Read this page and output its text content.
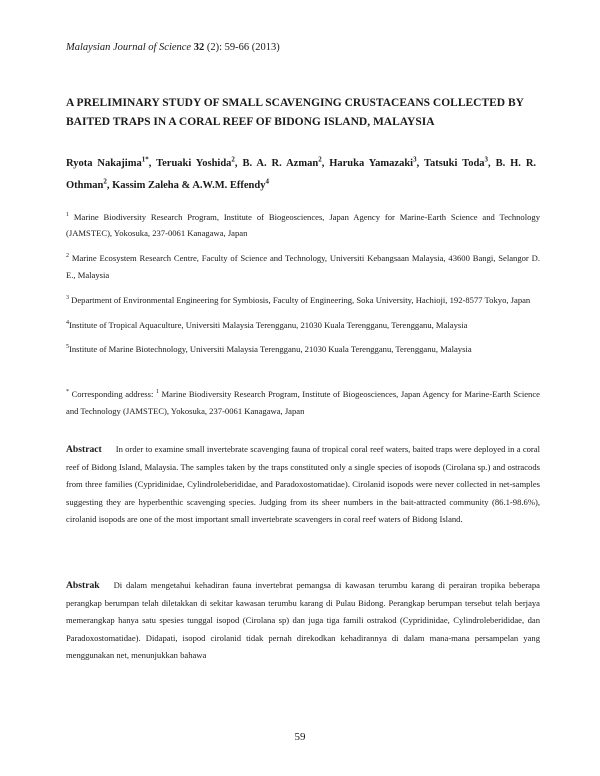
Malaysian Journal of Science 32 (2): 59-66 (2013)
A PRELIMINARY STUDY OF SMALL SCAVENGING CRUSTACEANS COLLECTED BY BAITED TRAPS IN A CORAL REEF OF BIDONG ISLAND, MALAYSIA
Ryota Nakajima$^{1*}$, Teruaki Yoshida$^2$, B. A. R. Azman$^2$, Haruka Yamazaki$^3$, Tatsuki Toda$^3$, B. H. R. Othman$^2$, Kassim Zaleha & A.W.M. Effendy$^4$

$^1$ Marine Biodiversity Research Program, Institute of Biogeosciences, Japan Agency for Marine-Earth Science and Technology (JAMSTEC), Yokosuka, 237-0061 Kanagawa, Japan

$^2$ Marine Ecosystem Research Centre, Faculty of Science and Technology, Universiti Kebangsaan Malaysia, 43600 Bangi, Selangor D. E., Malaysia

$^3$ Department of Environmental Engineering for Symbiosis, Faculty of Engineering, Soka University, Hachioji, 192-8577 Tokyo, Japan

$^4$Institute of Tropical Aquaculture, Universiti Malaysia Terengganu, 21030 Kuala Terengganu, Terengganu, Malaysia

$^5$Institute of Marine Biotechnology, Universiti Malaysia Terengganu, 21030 Kuala Terengganu, Terengganu, Malaysia

* Corresponding address: $^1$ Marine Biodiversity Research Program, Institute of Biogeosciences, Japan Agency for Marine-Earth Science and Technology (JAMSTEC), Yokosuka, 237-0061 Kanagawa, Japan
Abstract In order to examine small invertebrate scavenging fauna of tropical coral reef waters, baited traps were deployed in a coral reef of Bidong Island, Malaysia. The samples taken by the traps constituted only a single species of isopods (Cirolana sp.) and ostracods from three families (Cypridinidae, Cylindroleberididae, and Paradoxostomatidae). Cirolanid isopods were never collected in net-samples suggesting they are hyperbenthic scavenging species. Judging from its sheer numbers in the bait-attracted community (86.1-98.6%), cirolanid isopods are one of the most important small invertebrate scavengers in coral reef waters of Bidong Island.
Abstrak Di dalam mengetahui kehadiran fauna invertebrat pemangsa di kawasan terumbu karang di perairan tropika beberapa perangkap berumpan telah diletakkan di sekitar kawasan terumbu karang di Pulau Bidong. Perangkap berumpan tersebut telah berjaya memerangkap hanya satu spesies tunggal isopod (Cirolana sp) dan juga tiga famili ostrakod (Cypridinidae, Cylindroleberididae, dan Paradoxostomatidae). Didapati, isopod cirolanid tidak pernah direkodkan kehadirannya di dalam mana-mana persampelan yang menggunakan net, menunjukkan bahawa
59
